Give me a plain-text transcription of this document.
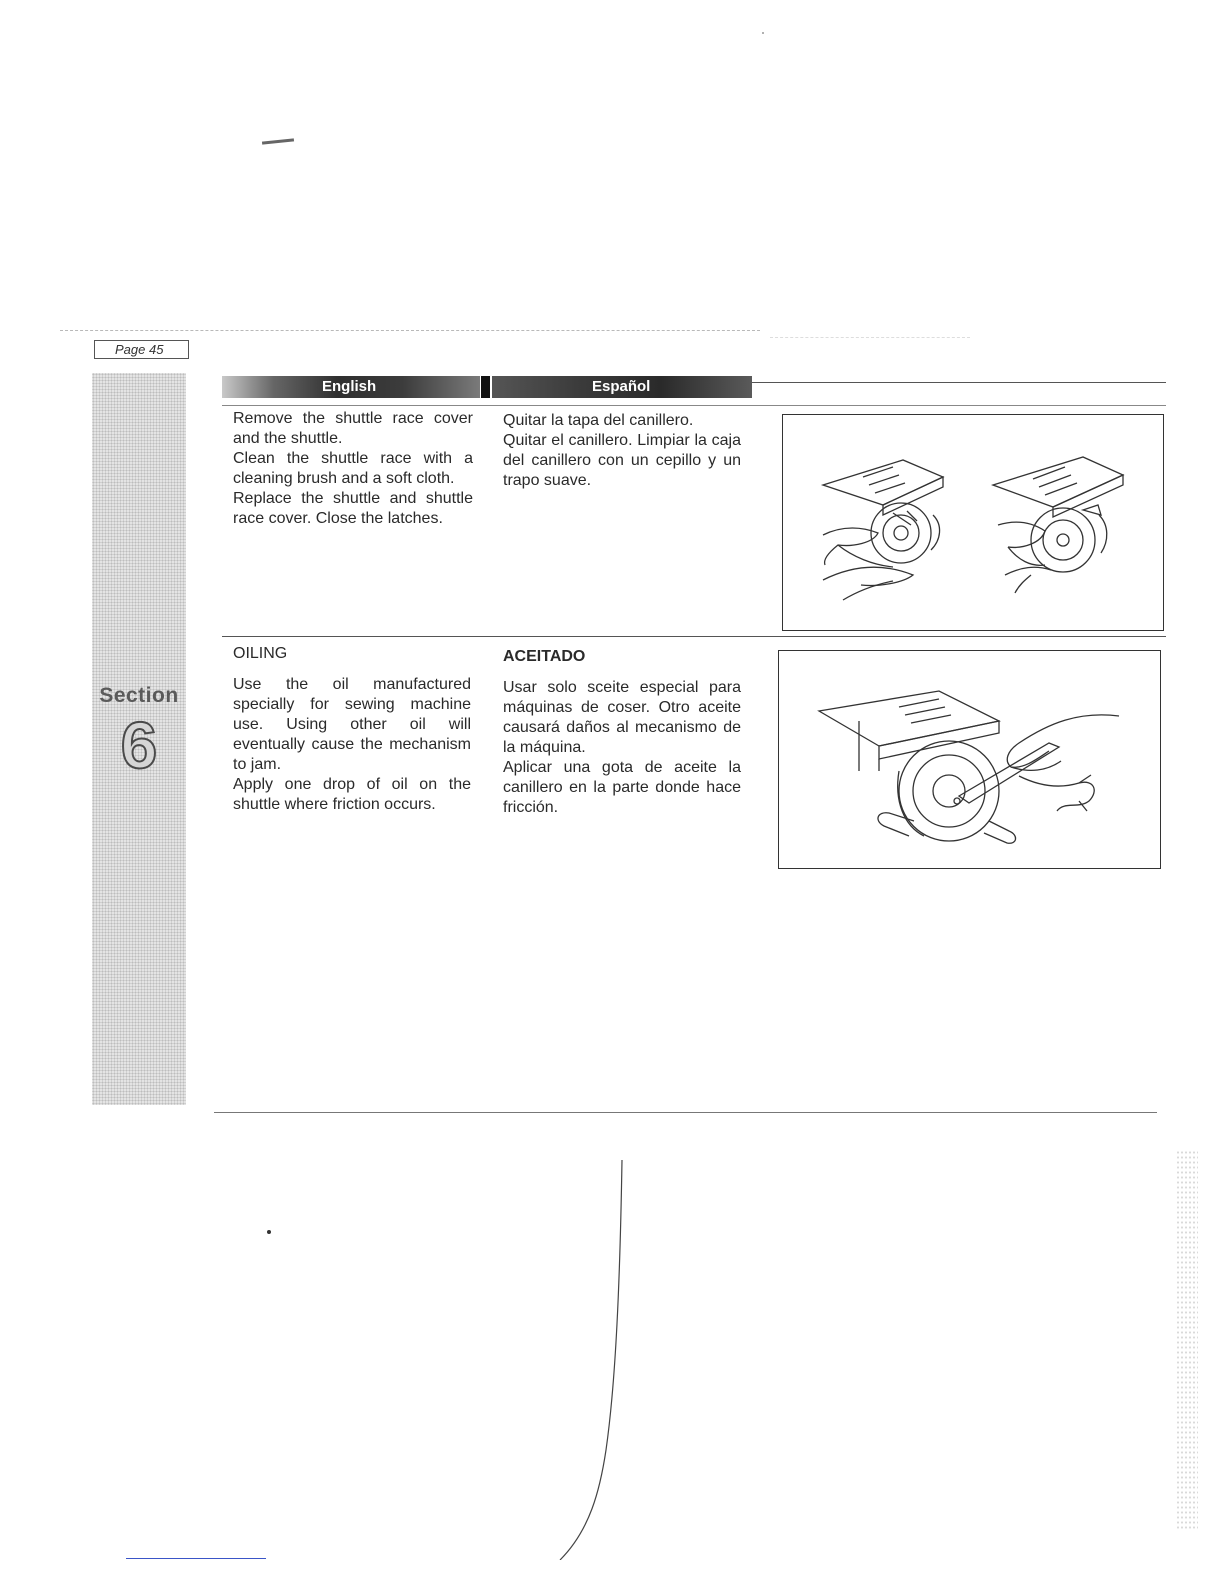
Page 45
Section
6
English	Español

Remove the shuttle race cover and the shuttle.

Clean the shuttle race with a cleaning brush and a soft cloth.

Replace the shuttle and shuttle race cover. Close the latches.

Quitar la tapa del canillero.

Quitar el canillero. Limpiar la caja del canillero con un cepillo y un trapo suave.

OILING	ACEITADO

Use the oil manufactured specially for sewing machine use. Using other oil will eventually cause the mechanism to jam.

Apply one drop of oil on the shuttle where friction occurs.

Usar solo sceite especial para máquinas de coser. Otro aceite causará daños al mecanismo de la máquina.

Aplicar una gota de aceite la canillero en la parte donde hace fricción.
